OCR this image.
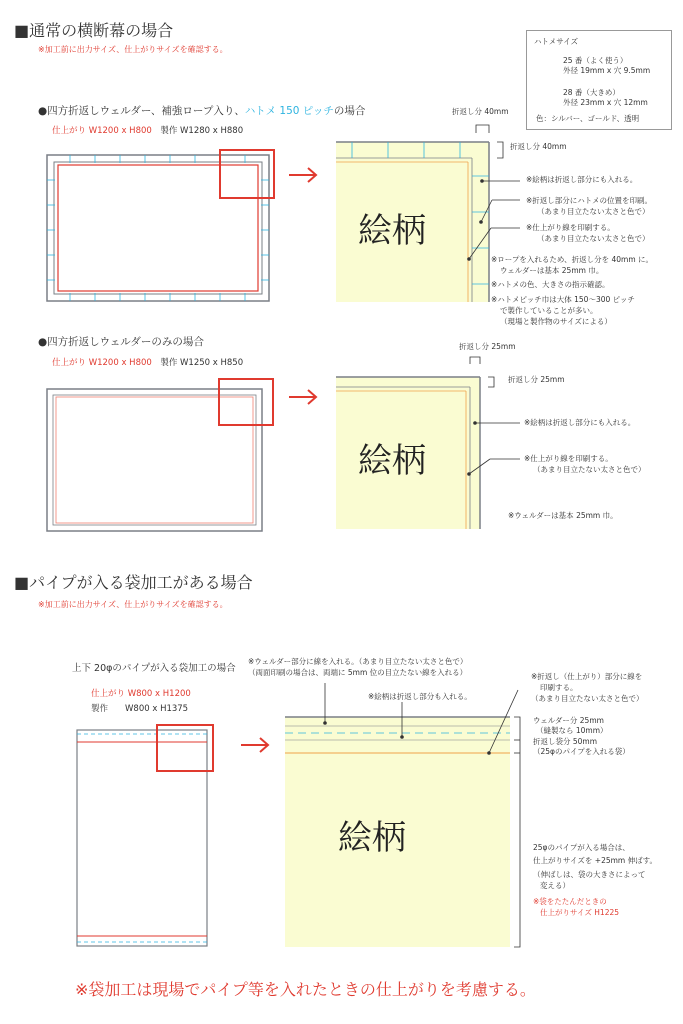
■通常の横断幕の場合
※加工前に出力サイズ、仕上がりサイズを確認する。
●四方折返しウェルダー、補強ロープ入り、ハトメ 150 ピッチの場合
仕上がり W1200 x H800　 製作 W1280 x H880
絵柄
折返し分 40mm
折返し分 40mm
※絵柄は折返し部分にも入れる。
※折返し部分にハトメの位置を印刷。
（あまり目立たない太さと色で）
※仕上がり線を印刷する。
（あまり目立たない太さと色で）
※ロープを入れるため、折返し分を 40mm に。
ウェルダーは基本 25mm 巾。
※ハトメの色、大きさの指示確認。
※ハトメピッチ巾は大体 150～300 ピッチ
で製作していることが多い。
（現場と製作物のサイズによる）
ハトメサイズ
25 番（よく使う）
外径 19mm x 穴 9.5mm
28 番（大きめ）
外径 23mm x 穴 12mm
色：シルバー、ゴールド、透明
●四方折返しウェルダーのみの場合
仕上がり W1200 x H800　 製作 W1250 x H850
絵柄
折返し分 25mm
折返し分 25mm
※絵柄は折返し部分にも入れる。
※仕上がり線を印刷する。
（あまり目立たない太さと色で）
※ウェルダーは基本 25mm 巾。
■パイプが入る袋加工がある場合
※加工前に出力サイズ、仕上がりサイズを確認する。
上下 20φのパイプが入る袋加工の場合
仕上がり W800 x H1200
製作　　W800 x H1375
※ウェルダー部分に線を入れる。（あまり目立たない太さと色で）
（両面印刷の場合は、両端に 5mm 位の目立たない線を入れる）
※絵柄は折返し部分も入れる。
※折返し（仕上がり）部分に線を
印刷する。
（あまり目立たない太さと色で）
ウェルダー分 25mm
（縫製なら 10mm）
折返し袋分 50mm
（25φのパイプを入れる袋）
絵柄	25φのパイプが入る場合は、
仕上がりサイズを +25mm 伸ばす。
（伸ばしは、袋の大きさによって
変える）
※袋をたたんだときの
仕上がりサイズ H1225
※袋加工は現場でパイプ等を入れたときの仕上がりを考慮する。
